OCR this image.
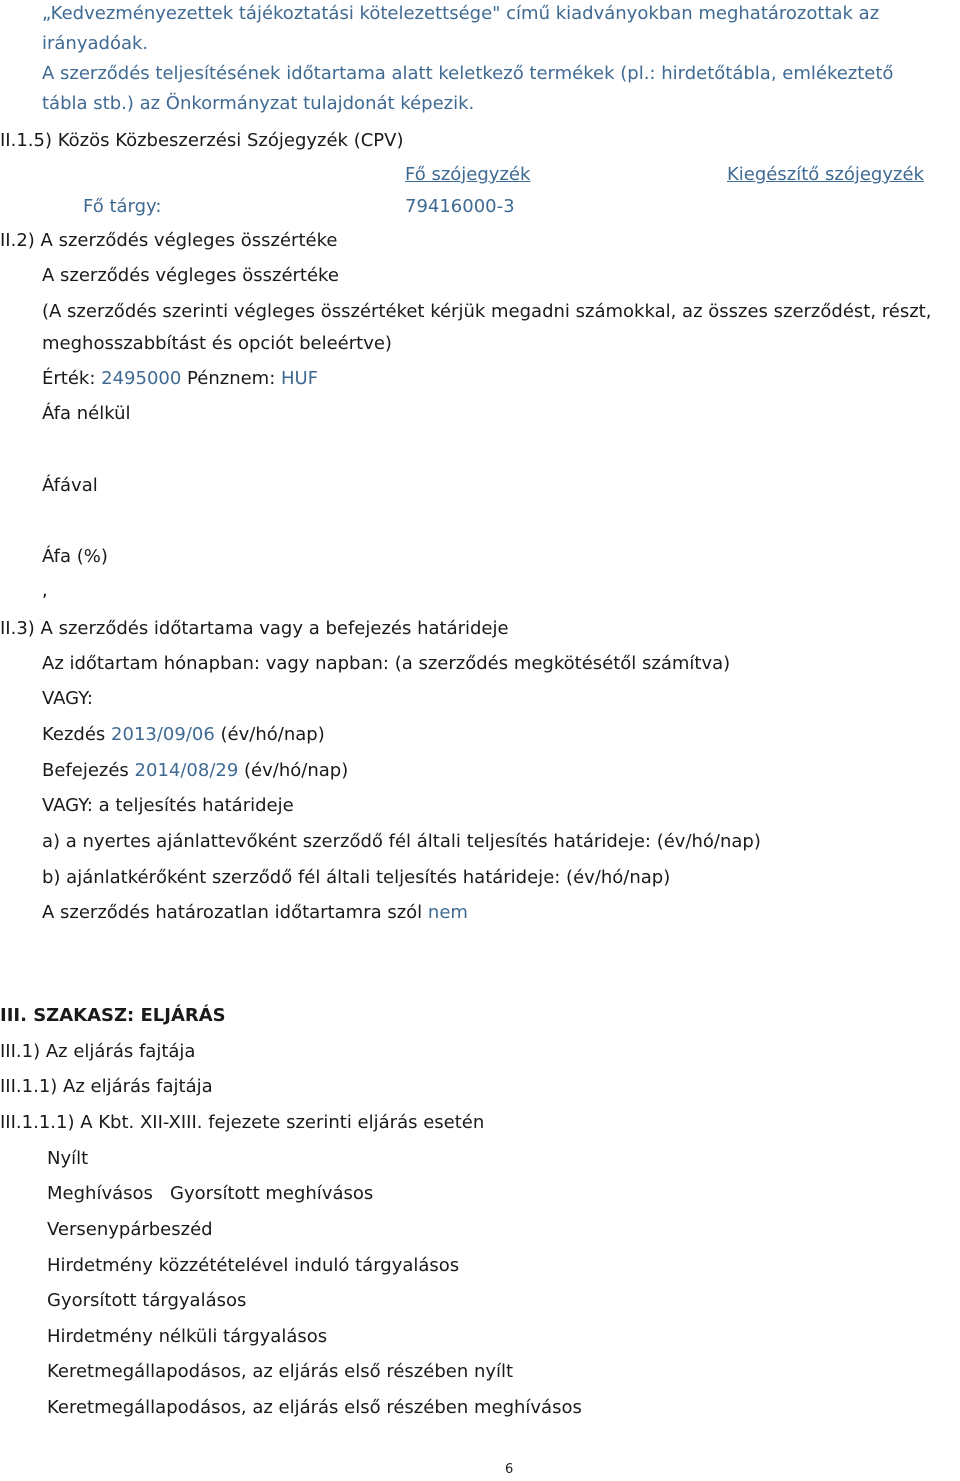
„Kedvezményezettek tájékoztatási kötelezettsége" című kiadványokban meghatározottak az
irányadóak.
A szerződés teljesítésének időtartama alatt keletkező termékek (pl.: hirdetőtábla, emlékeztető
tábla stb.) az Önkormányzat tulajdonát képezik.
II.1.5) Közös Közbeszerzési Szójegyzék (CPV)
Fő szójegyzék	Kiegészítő szójegyzék
Fő tárgy:	79416000-3
II.2) A szerződés végleges összértéke
A szerződés végleges összértéke
(A szerződés szerinti végleges összértéket kérjük megadni számokkal, az összes szerződést, részt,
meghosszabbítást és opciót beleértve)
Érték: 2495000 Pénznem: HUF
Áfa nélkül
Áfával
Áfa (%)
,
II.3) A szerződés időtartama vagy a befejezés határideje
Az időtartam hónapban: vagy napban: (a szerződés megkötésétől számítva)
VAGY:
Kezdés 2013/09/06 (év/hó/nap)
Befejezés 2014/08/29 (év/hó/nap)
VAGY: a teljesítés határideje
a) a nyertes ajánlattevőként szerződő fél általi teljesítés határideje: (év/hó/nap)
b) ajánlatkérőként szerződő fél általi teljesítés határideje: (év/hó/nap)
A szerződés határozatlan időtartamra szól nem
III. SZAKASZ: ELJÁRÁS
III.1) Az eljárás fajtája
III.1.1) Az eljárás fajtája
III.1.1.1) A Kbt. XII-XIII. fejezete szerinti eljárás esetén
Nyílt
Meghívásos   Gyorsított meghívásos
Versenypárbeszéd
Hirdetmény közzétételével induló tárgyalásos
Gyorsított tárgyalásos
Hirdetmény nélküli tárgyalásos
Keretmegállapodásos, az eljárás első részében nyílt
Keretmegállapodásos, az eljárás első részében meghívásos
6
